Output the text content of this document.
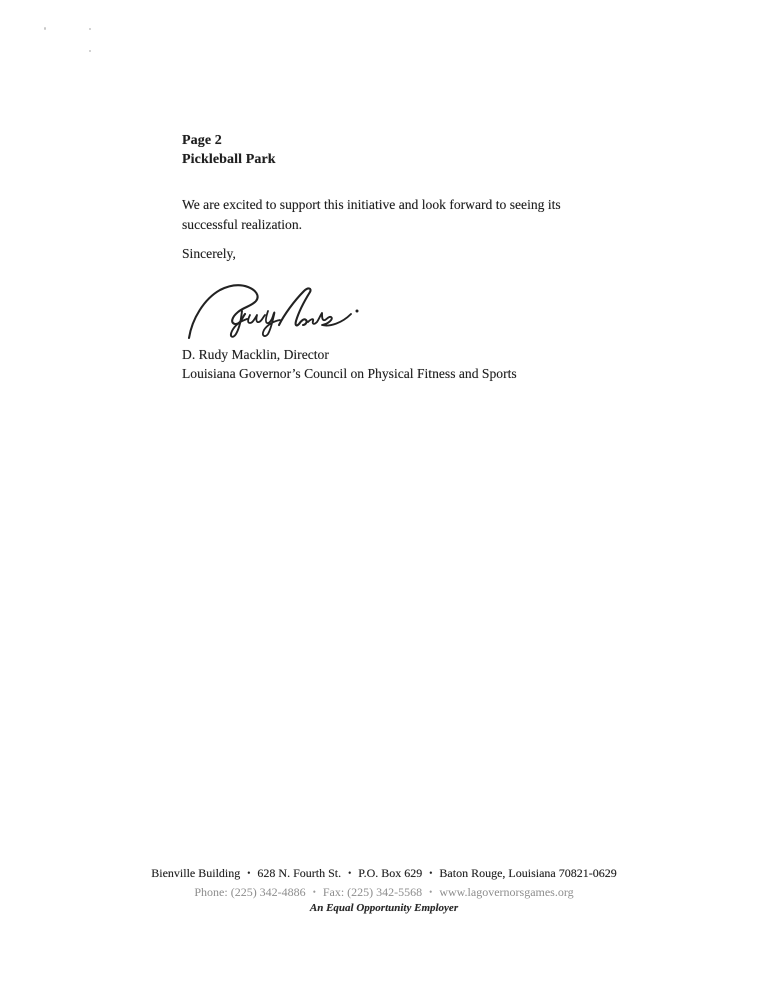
Page 2
Pickleball Park
We are excited to support this initiative and look forward to seeing its
successful realization.
Sincerely,
D. Rudy Macklin, Director
Louisiana Governor’s Council on Physical Fitness and Sports
Bienville Building • 628 N. Fourth St. • P.O. Box 629 • Baton Rouge, Louisiana 70821-0629
Phone: (225) 342-4886 • Fax: (225) 342-5568 • www.lagovernorsgames.org
An Equal Opportunity Employer
